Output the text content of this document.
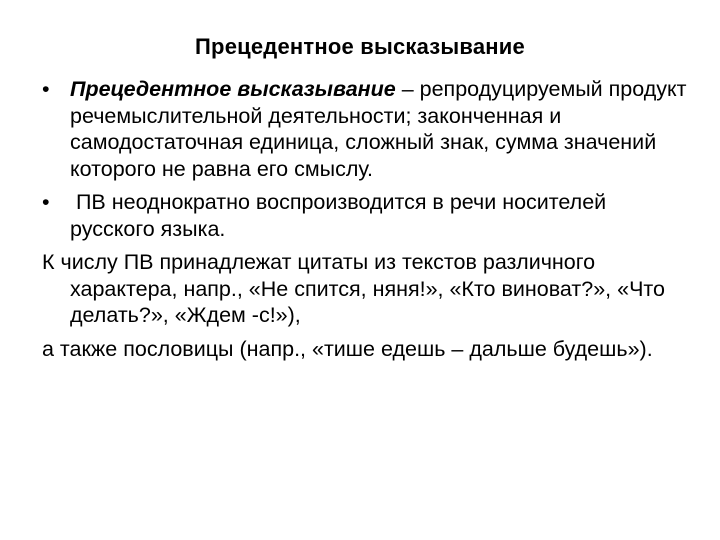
Прецедентное высказывание

• Прецедентное высказывание – репродуцируемый продукт речемыслительной деятельности; законченная и самодостаточная единица, сложный знак, сумма значений которого не равна его смыслу.

• ПВ неоднократно воспроизводится в речи носителей русского языка.

К числу ПВ принадлежат цитаты из текстов различного характера, напр., «Не спится, няня!», «Кто виноват?», «Что делать?», «Ждем -с!»),

а также пословицы (напр., «тише едешь – дальше будешь»).
